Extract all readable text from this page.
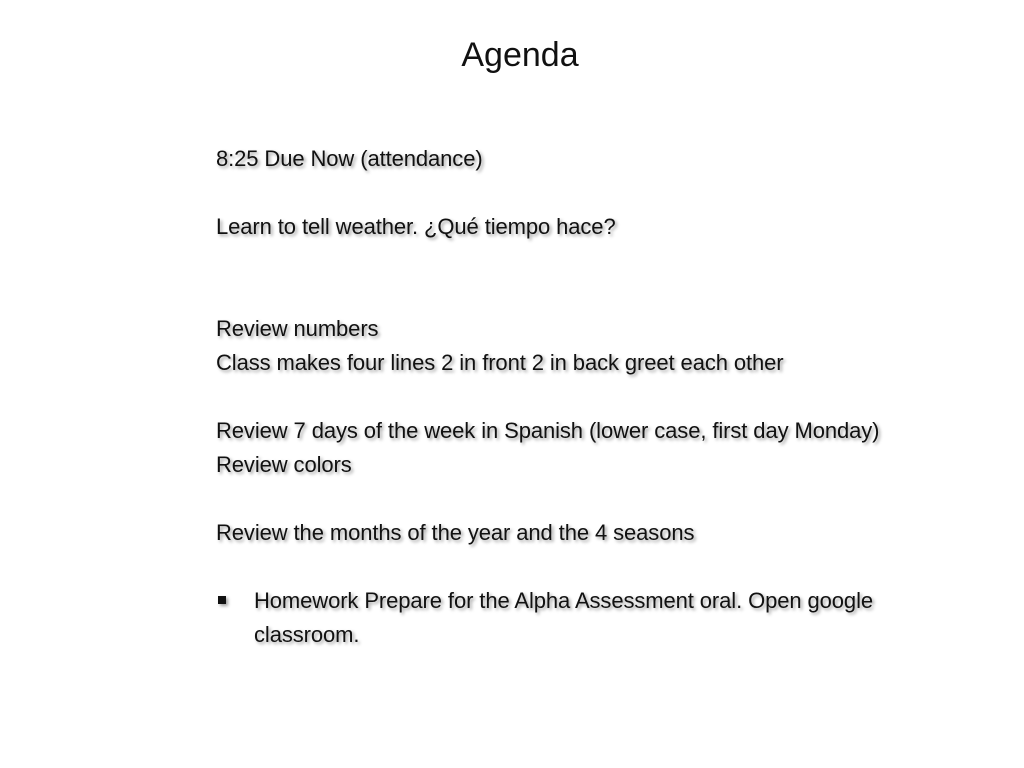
Agenda
8:25 Due Now (attendance)
Learn to tell weather. ¿Qué tiempo hace?
Review numbers
Class makes four lines 2 in front 2 in back greet each other
Review 7 days of the week in Spanish (lower case, first day Monday)
Review colors
Review the months of the year and the 4 seasons
Homework Prepare for the Alpha Assessment oral. Open google
classroom.
